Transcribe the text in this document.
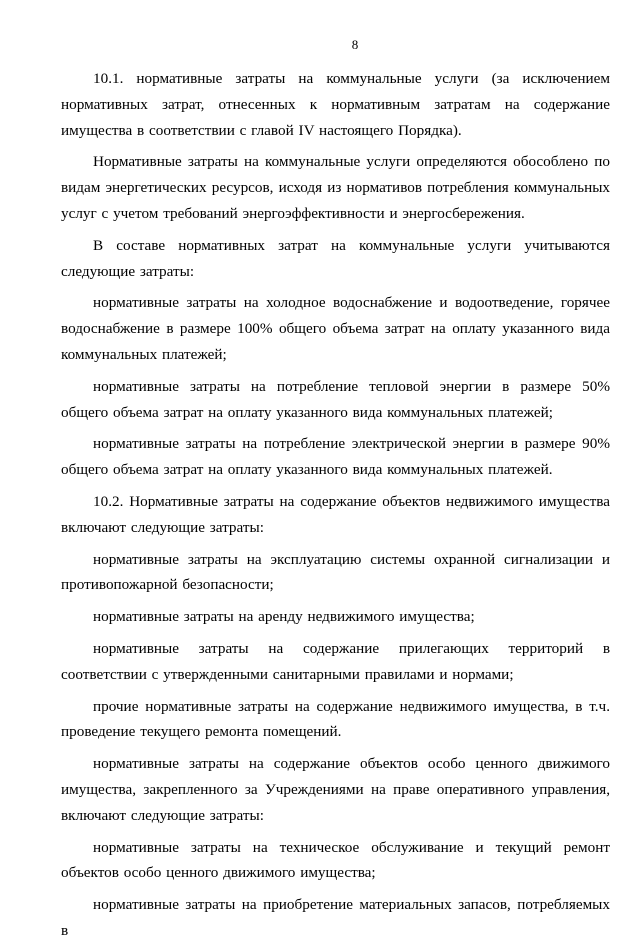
8

10.1. нормативные затраты на коммунальные услуги (за исключением нормативных затрат, отнесенных к нормативным затратам на содержание имущества в соответствии с главой IV настоящего Порядка).

Нормативные затраты на коммунальные услуги определяются обособлено по видам энергетических ресурсов, исходя из нормативов потребления коммунальных услуг с учетом требований энергоэффективности и энергосбережения.

В составе нормативных затрат на коммунальные услуги учитываются следующие затраты:

нормативные затраты на холодное водоснабжение и водоотведение, горячее водоснабжение в размере 100% общего объема затрат на оплату указанного вида коммунальных платежей;

нормативные затраты на потребление тепловой энергии в размере 50% общего объема затрат на оплату указанного вида коммунальных платежей;

нормативные затраты на потребление электрической энергии в размере 90% общего объема затрат на оплату указанного вида коммунальных платежей.

10.2. Нормативные затраты на содержание объектов недвижимого имущества включают следующие затраты:

нормативные затраты на эксплуатацию системы охранной сигнализации и противопожарной безопасности;

нормативные затраты на аренду недвижимого имущества;

нормативные затраты на содержание прилегающих территорий в соответствии с утвержденными санитарными правилами и нормами;

прочие нормативные затраты на содержание недвижимого имущества, в т.ч. проведение текущего ремонта помещений.

нормативные затраты на содержание объектов особо ценного движимого имущества, закрепленного за Учреждениями на праве оперативного управления, включают следующие затраты:

нормативные затраты на техническое обслуживание и текущий ремонт объектов особо ценного движимого имущества;

нормативные затраты на приобретение материальных запасов, потребляемых в
